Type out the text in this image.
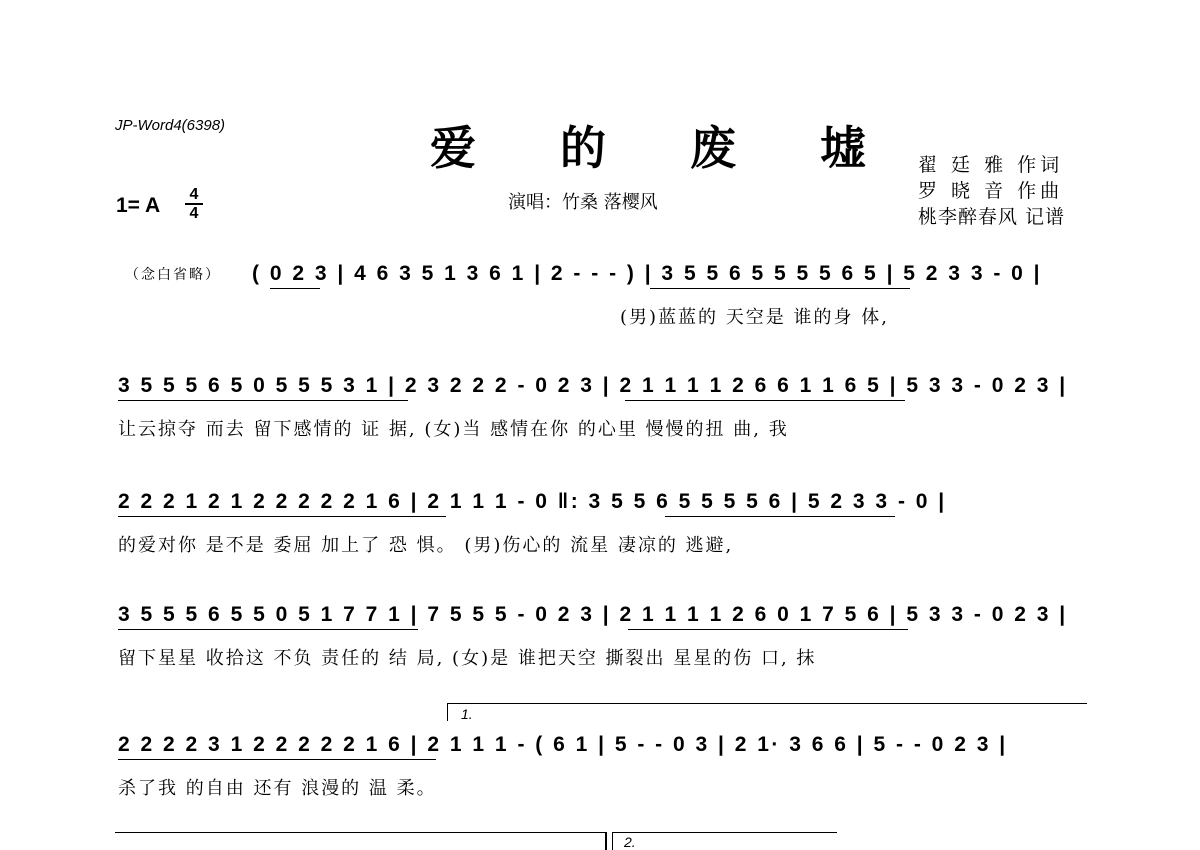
JP-Word4(6398)	爱 的 废 墟 翟 廷 雅 作词
罗 晓 音 作曲
桃李醉春风 记谱
1= A 4
4
演唱：竹桑 落樱风
（念白省略） ( 0 2 3 | 4 6 3 5 1 3 6 1 | 2 - - - ) | 3 5 5 6 5 5 5 5 6 5 | 5 2 3 3 - 0 |
(男)蓝蓝的 天空是 谁的身 体,
3 5 5 5 6 5 0 5 5 5 3 1 | 2 3 2 2 2 - 0 2 3 | 2 1 1 1 1 2 6 6 1 1 6 5 | 5 3 3 - 0 2 3 |
让云掠夺 而去 留下感情的 证 据, (女)当 感情在你 的心里 慢慢的扭 曲, 我
2 2 2 1 2 1 2 2 2 2 2 1 6 | 2 1 1 1 - 0 ‖: 3 5 5 6 5 5 5 5 6 | 5 2 3 3 - 0 |
的爱对你 是不是 委屈 加上了 恐 惧。 (男)伤心的 流星 凄凉的 逃避,
3 5 5 5 6 5 5 0 5 1 7 7 1 | 7 5 5 5 - 0 2 3 | 2 1 1 1 1 2 6 0 1 7 5 6 | 5 3 3 - 0 2 3 |
留下星星 收拾这 不负 责任的 结 局, (女)是 谁把天空 撕裂出 星星的伤 口, 抹
1.
2 2 2 2 3 1 2 2 2 2 2 1 6 | 2 1 1 1 - ( 6 1 | 5 - - 0 3 | 2 1· 3 6 6 | 5 - - 0 2 3 |
杀了我 的自由 还有 浪漫的 温 柔。
2.
